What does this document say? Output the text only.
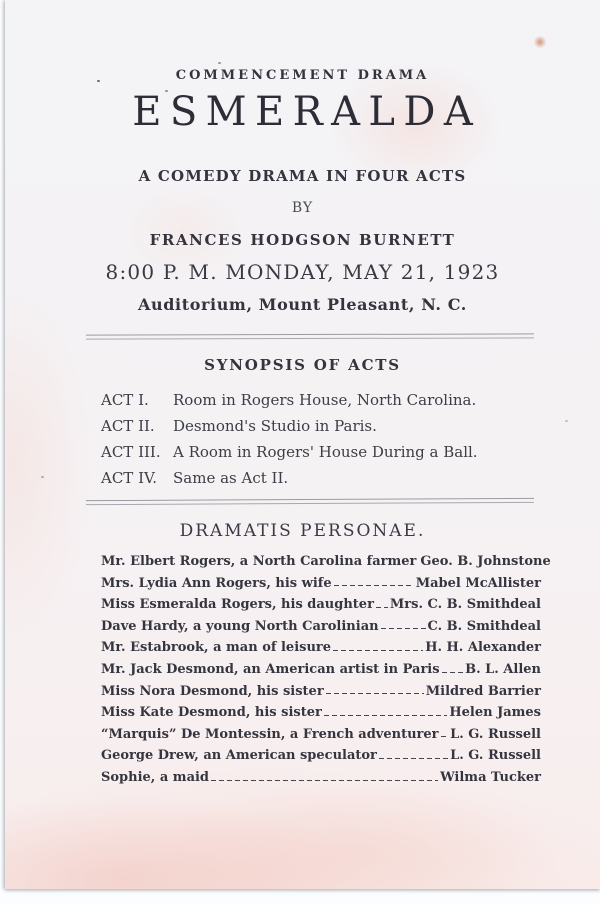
COMMENCEMENT DRAMA
ESMERALDA
A COMEDY DRAMA IN FOUR ACTS
BY
FRANCES HODGSON BURNETT
8:00 P. M. MONDAY, MAY 21, 1923
Auditorium, Mount Pleasant, N. C.
SYNOPSIS OF ACTS
ACT I.	Room in Rogers House, North Carolina.
ACT II.	Desmond's Studio in Paris.
ACT III. A Room in Rogers' House During a Ball.
ACT IV.	Same as Act II.
DRAMATIS PERSONAE.
Mr. Elbert Rogers, a North Carolina farmer Geo. B. Johnstone
Mrs. Lydia Ann Rogers, his wife	Mabel McAllister
Miss Esmeralda Rogers, his daughter Mrs. C. B. Smithdeal
Dave Hardy, a young North Carolinian	C. B. Smithdeal
Mr. Estabrook, a man of leisure	H. H. Alexander
Mr. Jack Desmond, an American artist in Paris B. L. Allen
Miss Nora Desmond, his sister	Mildred Barrier
Miss Kate Desmond, his sister	Helen James
“Marquis” De Montessin, a French adventurer L. G. Russell
George Drew, an American speculator	L. G. Russell
Sophie, a maid	Wilma Tucker
